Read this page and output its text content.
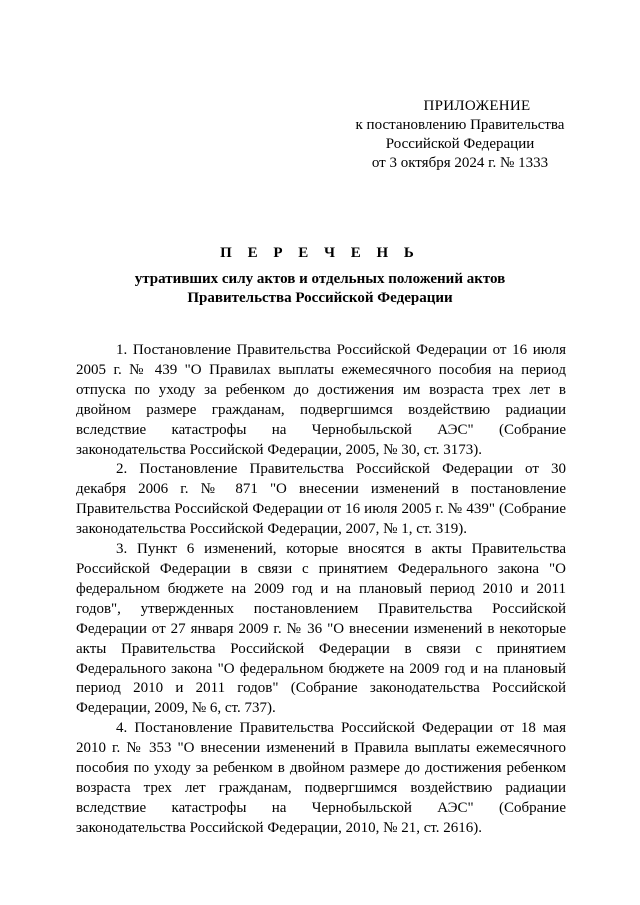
ПРИЛОЖЕНИЕ
к постановлению Правительства
Российской Федерации
от 3 октября 2024 г. № 1333
П Е Р Е Ч Е Н Ь
утративших силу актов и отдельных положений актов
Правительства Российской Федерации

1. Постановление Правительства Российской Федерации от 16 июля 2005 г. № 439 "О Правилах выплаты ежемесячного пособия на период отпуска по уходу за ребенком до достижения им возраста трех лет в двойном размере гражданам, подвергшимся воздействию радиации вследствие катастрофы на Чернобыльской АЭС" (Собрание законодательства Российской Федерации, 2005, № 30, ст. 3173).

2. Постановление Правительства Российской Федерации от 30 декабря 2006 г. № 871 "О внесении изменений в постановление Правительства Российской Федерации от 16 июля 2005 г. № 439" (Собрание законодательства Российской Федерации, 2007, № 1, ст. 319).

3. Пункт 6 изменений, которые вносятся в акты Правительства Российской Федерации в связи с принятием Федерального закона "О федеральном бюджете на 2009 год и на плановый период 2010 и 2011 годов", утвержденных постановлением Правительства Российской Федерации от 27 января 2009 г. № 36 "О внесении изменений в некоторые акты Правительства Российской Федерации в связи с принятием Федерального закона "О федеральном бюджете на 2009 год и на плановый период 2010 и 2011 годов" (Собрание законодательства Российской Федерации, 2009, № 6, ст. 737).

4. Постановление Правительства Российской Федерации от 18 мая 2010 г. № 353 "О внесении изменений в Правила выплаты ежемесячного пособия по уходу за ребенком в двойном размере до достижения ребенком возраста трех лет гражданам, подвергшимся воздействию радиации вследствие катастрофы на Чернобыльской АЭС" (Собрание законодательства Российской Федерации, 2010, № 21, ст. 2616).
